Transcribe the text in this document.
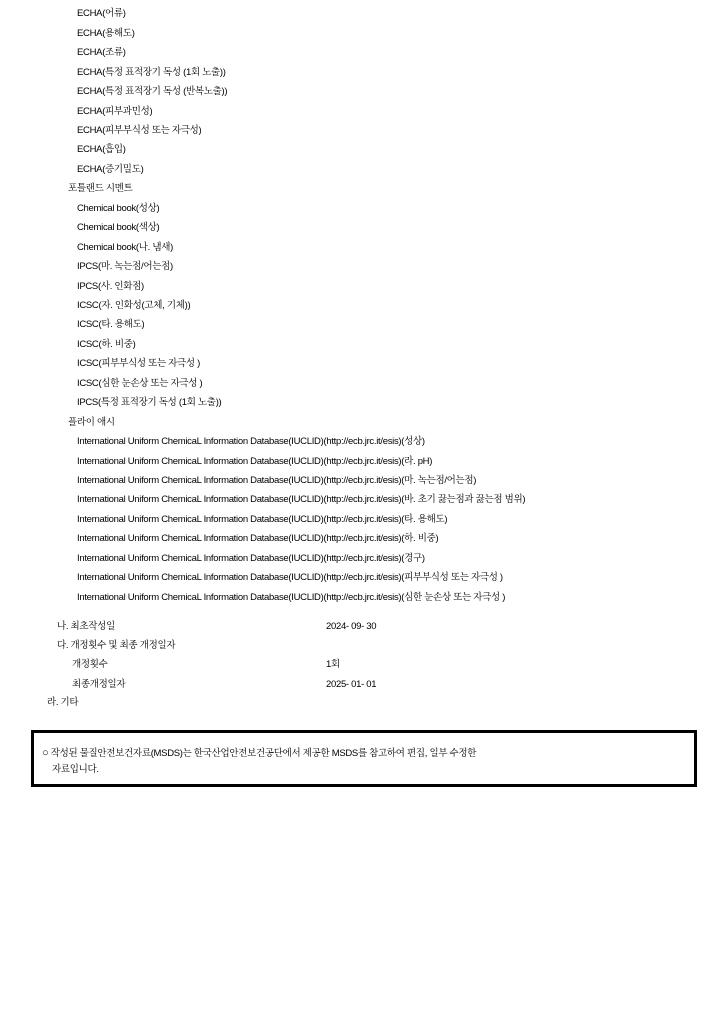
ECHA(어류)
ECHA(용해도)
ECHA(조류)
ECHA(특정 표적장기 독성 (1회 노출))
ECHA(특정 표적장기 독성 (반복노출))
ECHA(피부과민성)
ECHA(피부부식성 또는 자극성)
ECHA(흡입)
ECHA(증기밀도)
포틀랜드 시멘트
Chemical book(성상)
Chemical book(색상)
Chemical book(나. 냄새)
IPCS(마. 녹는점/어는점)
IPCS(사. 인화점)
ICSC(자. 인화성(고체, 기체))
ICSC(타. 용해도)
ICSC(하. 비중)
ICSC(피부부식성 또는 자극성 )
ICSC(심한 눈손상 또는 자극성 )
IPCS(특정 표적장기 독성 (1회 노출))
플라이 애시
International Uniform ChemicaL Information Database(IUCLID)(http://ecb.jrc.it/esis)(성상)
International Uniform ChemicaL Information Database(IUCLID)(http://ecb.jrc.it/esis)(라. pH)
International Uniform ChemicaL Information Database(IUCLID)(http://ecb.jrc.it/esis)(마. 녹는점/어는점)
International Uniform ChemicaL Information Database(IUCLID)(http://ecb.jrc.it/esis)(바. 초기 끓는점과 끓는점 범위)
International Uniform ChemicaL Information Database(IUCLID)(http://ecb.jrc.it/esis)(타. 용해도)
International Uniform ChemicaL Information Database(IUCLID)(http://ecb.jrc.it/esis)(하. 비중)
International Uniform ChemicaL Information Database(IUCLID)(http://ecb.jrc.it/esis)(경구)
International Uniform ChemicaL Information Database(IUCLID)(http://ecb.jrc.it/esis)(피부부식성 또는 자극성 )
International Uniform ChemicaL Information Database(IUCLID)(http://ecb.jrc.it/esis)(심한 눈손상 또는 자극성 )
나. 최초작성일	2024- 09- 30
다. 개정횟수 및 최종 개정일자
개정횟수	1회
최종개정일자	2025- 01- 01
라. 기타
○ 작성된 물질안전보건자료(MSDS)는 한국산업안전보건공단에서 제공한 MSDS를 참고하여 편집, 일부 수정한
자료입니다.
